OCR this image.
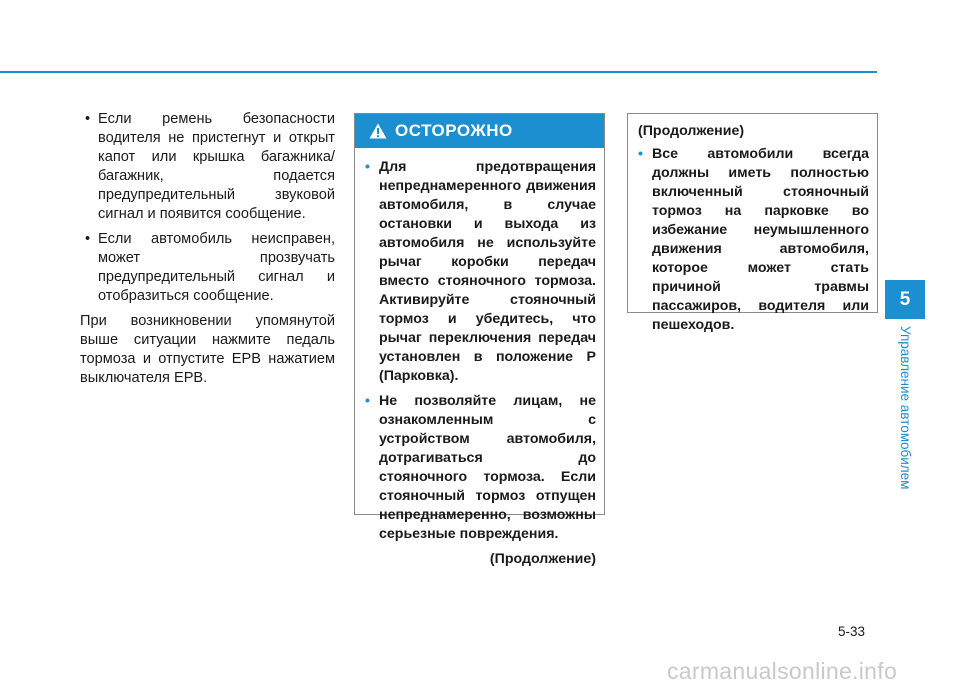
• Если ремень безопасности водителя не пристегнут и открыт капот или крышка багажника/багажник, подается предупредительный звуковой сигнал и появится сообщение.
• Если автомобиль неисправен, может прозвучать предупредительный сигнал и отобразиться сообщение.
При возникновении упомянутой выше ситуации нажмите педаль тормоза и отпустите EPB нажатием выключателя EPB.
ОСТОРОЖНО
• Для предотвращения непреднамеренного движения автомобиля, в случае остановки и выхода из автомобиля не используйте рычаг коробки передач вместо стояночного тормоза. Активируйте стояночный тормоз и убедитесь, что рычаг переключения передач установлен в положение P (Парковка).
• Не позволяйте лицам, не ознакомленным с устройством автомобиля, дотрагиваться до стояночного тормоза. Если стояночный тормоз отпущен непреднамеренно, возможны серьезные повреждения.
(Продолжение)
(Продолжение)
• Все автомобили всегда должны иметь полностью включенный стояночный тормоз на парковке во избежание неумышленного движения автомобиля, которое может стать причиной травмы пассажиров, водителя или пешеходов.
5
Управление автомобилем
5-33
carmanualsonline.info
